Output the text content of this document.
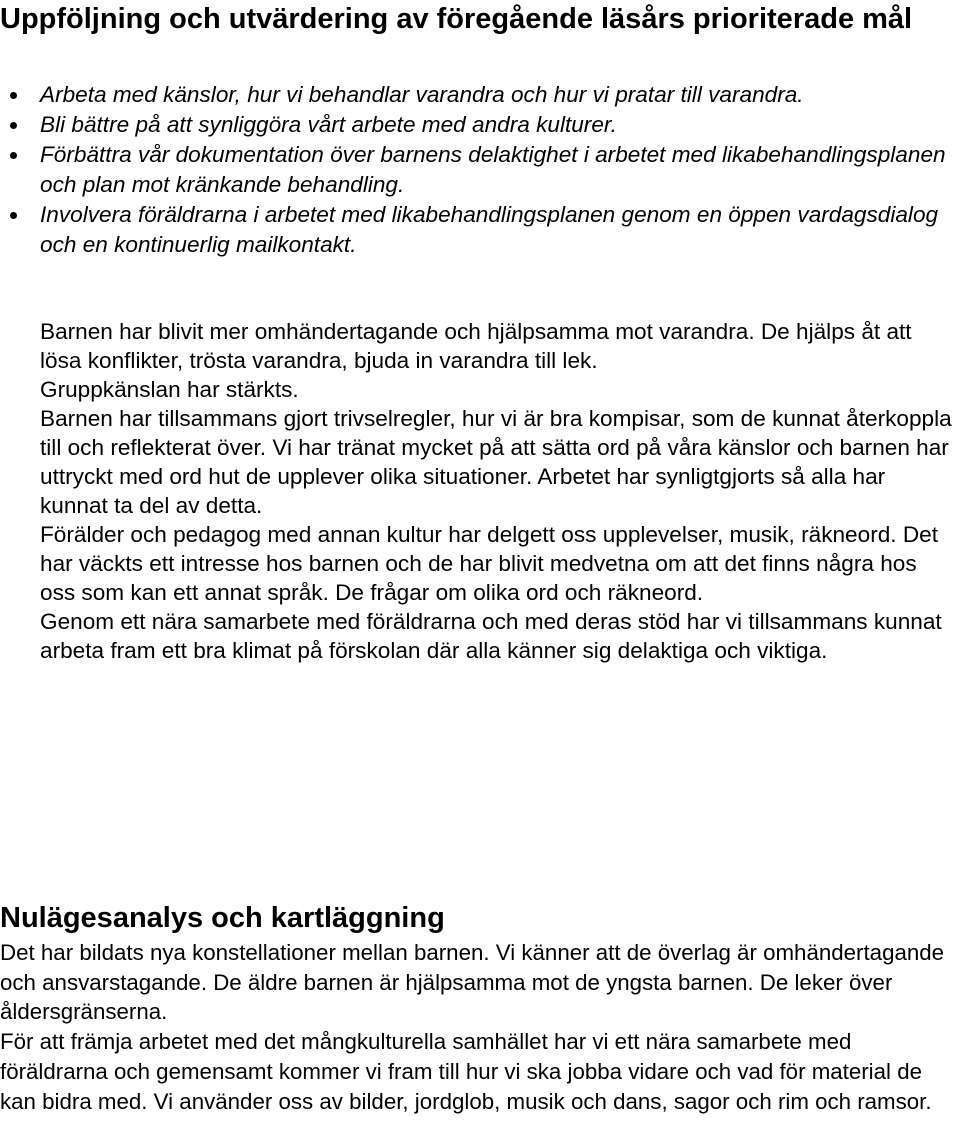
Uppföljning och utvärdering av föregående läsårs prioriterade mål
Arbeta med känslor, hur vi behandlar varandra och hur vi pratar till varandra.
Bli bättre på att synliggöra vårt arbete med andra kulturer.
Förbättra vår dokumentation över barnens delaktighet i arbetet med likabehandlingsplanen och plan mot kränkande behandling.
Involvera föräldrarna i arbetet med likabehandlingsplanen genom en öppen vardagsdialog och en kontinuerlig mailkontakt.

Barnen har blivit mer omhändertagande och hjälpsamma mot varandra. De hjälps åt att lösa konflikter, trösta varandra, bjuda in varandra till lek.

Gruppkänslan har stärkts.

Barnen har tillsammans gjort trivselregler, hur vi är bra kompisar, som de kunnat återkoppla till och reflekterat över. Vi har tränat mycket på att sätta ord på våra känslor och barnen har uttryckt med ord hut de upplever olika situationer. Arbetet har synligtgjorts så alla har kunnat ta del av detta.

Förälder och pedagog med annan kultur har delgett oss upplevelser, musik, räkneord. Det har väckts ett intresse hos barnen och de har blivit medvetna om att det finns några hos oss som kan ett annat språk. De frågar om olika ord och räkneord.

Genom ett nära samarbete med föräldrarna och med deras stöd har vi tillsammans kunnat arbeta fram ett bra klimat på förskolan där alla känner sig delaktiga och viktiga.

Nulägesanalys och kartläggning

Det har bildats nya konstellationer mellan barnen. Vi känner att de överlag är omhändertagande och ansvarstagande. De äldre barnen är hjälpsamma mot de yngsta barnen. De leker över åldersgränserna.

För att främja arbetet med det mångkulturella samhället har vi ett nära samarbete med föräldrarna och gemensamt kommer vi fram till hur vi ska jobba vidare och vad för material de kan bidra med. Vi använder oss av bilder, jordglob, musik och dans, sagor och rim och ramsor.
